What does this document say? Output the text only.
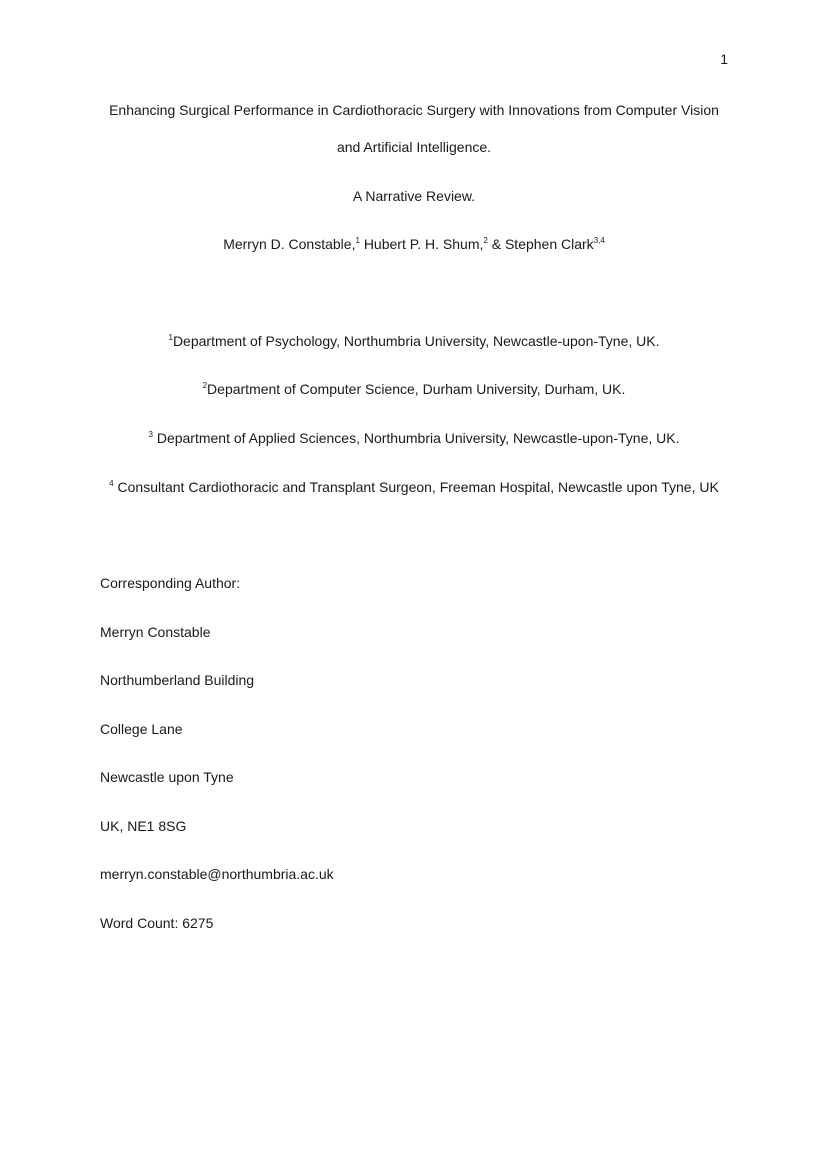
1
Enhancing Surgical Performance in Cardiothoracic Surgery with Innovations from Computer Vision
and Artificial Intelligence.
A Narrative Review.
Merryn D. Constable,$^1$ Hubert P. H. Shum,$^2$ & Stephen Clark$^{3,4}$
$^1$Department of Psychology, Northumbria University, Newcastle-upon-Tyne, UK.
$^2$Department of Computer Science, Durham University, Durham, UK.
$^3$ Department of Applied Sciences, Northumbria University, Newcastle-upon-Tyne, UK.
$^4$ Consultant Cardiothoracic and Transplant Surgeon, Freeman Hospital, Newcastle upon Tyne, UK
Corresponding Author:
Merryn Constable
Northumberland Building
College Lane
Newcastle upon Tyne
UK, NE1 8SG
merryn.constable@northumbria.ac.uk
Word Count: 6275
